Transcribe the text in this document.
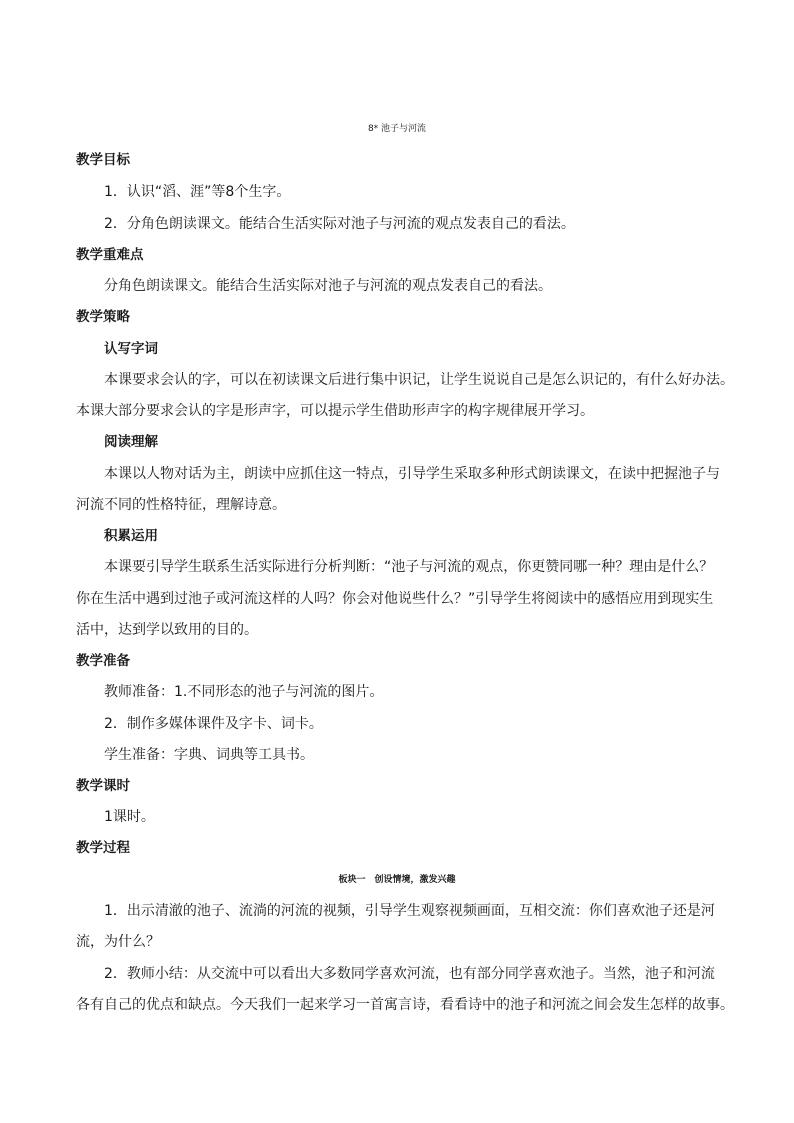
8* 池子与河流
教学目标
1．认识“滔、涯”等8个生字。
2．分角色朗读课文。能结合生活实际对池子与河流的观点发表自己的看法。
教学重难点
分角色朗读课文。能结合生活实际对池子与河流的观点发表自己的看法。
教学策略
认写字词
本课要求会认的字，可以在初读课文后进行集中识记，让学生说说自己是怎么识记的，有什么好办法。
本课大部分要求会认的字是形声字，可以提示学生借助形声字的构字规律展开学习。
阅读理解
本课以人物对话为主，朗读中应抓住这一特点，引导学生采取多种形式朗读课文，在读中把握池子与
河流不同的性格特征，理解诗意。
积累运用
本课要引导学生联系生活实际进行分析判断：“池子与河流的观点，你更赞同哪一种？理由是什么？
你在生活中遇到过池子或河流这样的人吗？你会对他说些什么？”引导学生将阅读中的感悟应用到现实生
活中，达到学以致用的目的。
教学准备
教师准备：1.不同形态的池子与河流的图片。
2．制作多媒体课件及字卡、词卡。
学生准备：字典、词典等工具书。
教学课时
1课时。
教学过程
板块一　创设情境，激发兴趣
1．出示清澈的池子、流淌的河流的视频，引导学生观察视频画面，互相交流：你们喜欢池子还是河
流，为什么？
2．教师小结：从交流中可以看出大多数同学喜欢河流，也有部分同学喜欢池子。当然，池子和河流
各有自己的优点和缺点。今天我们一起来学习一首寓言诗，看看诗中的池子和河流之间会发生怎样的故事。
